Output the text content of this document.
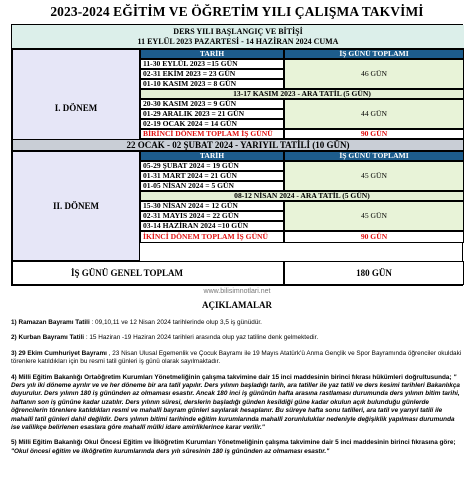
2023-2024 EĞİTİM VE ÖĞRETİM YILI ÇALIŞMA TAKVİMİ
DERS YILI BAŞLANGIÇ VE BİTİŞİ
11 EYLÜL 2023 PAZARTESİ - 14 HAZİRAN 2024 CUMA
I. DÖNEM
TARİH	İŞ GÜNÜ TOPLAMI
11-30 EYLÜL 2023 =15 GÜN
02-31 EKİM 2023 = 23 GÜN
01-10 KASIM 2023 = 8 GÜN
46 GÜN
13-17 KASIM 2023 - ARA TATİL (5 GÜN)
20-30 KASIM 2023 = 9 GÜN
01-29 ARALIK 2023 = 21 GÜN
02-19 OCAK 2024 = 14 GÜN
44 GÜN
BİRİNCİ DÖNEM TOPLAM İŞ GÜNÜ	90 GÜN
22 OCAK - 02 ŞUBAT 2024 - YARIYIL TATİLİ (10 GÜN)
II. DÖNEM
TARİH	İŞ GÜNÜ TOPLAMI
05-29 ŞUBAT 2024 = 19 GÜN
01-31 MART 2024 = 21 GÜN
01-05 NİSAN 2024 = 5 GÜN
45 GÜN
08-12 NİSAN 2024 - ARA TATİL (5 GÜN)
15-30 NİSAN 2024 = 12 GÜN
02-31 MAYIS 2024 = 22 GÜN
03-14 HAZİRAN 2024 =10 GÜN
45 GÜN
İKİNCİ DÖNEM TOPLAM İŞ GÜNÜ	90 GÜN
İŞ GÜNÜ GENEL TOPLAM	180 GÜN
www.bilisimnotlari.net
AÇIKLAMALAR
1) Ramazan Bayramı Tatili : 09,10,11 ve 12 Nisan 2024 tarihlerinde olup 3,5 iş günüdür.
2) Kurban Bayramı Tatili : 15 Haziran -19 Haziran 2024 tarihleri arasında olup yaz tatiline denk gelmektedir.
3) 29 Ekim Cumhuriyet Bayramı , 23 Nisan Ulusal Egemenlik ve Çocuk Bayramı ile 19 Mayıs Atatürk'ü Anma Gençlik ve Spor Bayramında öğrenciler okuldaki törenlere katıldıkları için bu resmi tatil günleri iş günü olarak sayılmaktadır.
4) Milli Eğitim Bakanlığı Ortaöğretim Kurumları Yönetmeliğinin çalışma takvimine dair 15 inci maddesinin birinci fıkrası hükümleri doğrultusunda; " Ders yılı iki döneme ayrılır ve ve her döneme bir ara tatil yapılır. Ders yılının başladığı tarih, ara tatiller ile yaz tatili ve ders kesimi tarihleri Bakanlıkça duyurulur. Ders yılının 180 iş gününden az olmaması esastır. Ancak 180 inci iş gününün hafta arasına rastlaması durumunda ders yılının bitim tarihi, haftanın son iş gününe kadar uzatılır. Ders yılının süresi, derslerin başladığı günden kesildiği güne kadar okulun açık bulunduğu günlerde öğrencilerin törenlere katıldıkları resmî ve mahallî bayram günleri sayılarak hesaplanır. Bu süreye hafta sonu tatilleri, ara tatil ve yarıyıl tatili ile mahallî tatil günleri dahil değildir. Ders yılının bitimi tarihinde eğitim kurumlarında mahallî zorunluluklar nedeniyle değişiklik yapılması durumunda ise valilikçe belirlenen esaslara göre mahallî mülki idare amirliklerince karar verilir."
5) Milli Eğitim Bakanlığı Okul Öncesi Eğitim ve İlköğretim Kurumları Yönetmeliğinin çalışma takvimine dair 5 inci maddesinin birinci fıkrasına göre; "Okul öncesi eğitim ve ilköğretim kurumlarında ders yılı süresinin 180 iş gününden az olmaması esastır."
